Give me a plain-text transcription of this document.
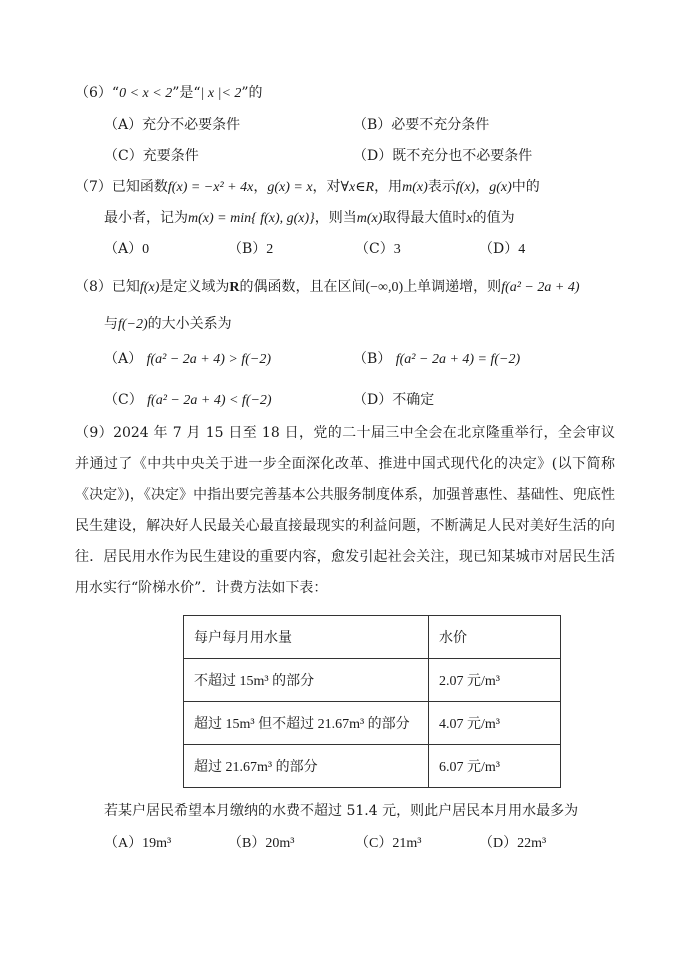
（6）“0 < x < 2”是“| x |< 2”的
（A）充分不必要条件	（B）必要不充分条件
（C）充要条件	（D）既不充分也不必要条件
（7）已知函数f(x) = −x² + 4x，g(x) = x，对∀x∈R，用m(x)表示f(x)，g(x)中的
最小者，记为m(x) = min{ f(x), g(x)}，则当m(x)取得最大值时x的值为
（A）0	（B）2	（C）3	（D）4
（8）已知f(x)是定义域为R的偶函数，且在区间(−∞,0)上单调递增，则f(a² − 2a + 4)
与f(−2)的大小关系为
（A） f(a² − 2a + 4) > f(−2)	（B） f(a² − 2a + 4) = f(−2)
（C） f(a² − 2a + 4) < f(−2)	（D）不确定
（9）2024 年 7 月 15 日至 18 日，党的二十届三中全会在北京隆重举行，全会审议并通过了《中共中央关于进一步全面深化改革、推进中国式现代化的决定》(以下简称《决定》)，《决定》中指出要完善基本公共服务制度体系，加强普惠性、基础性、兜底性民生建设，解决好人民最关心最直接最现实的利益问题，不断满足人民对美好生活的向往．居民用水作为民生建设的重要内容，愈发引起社会关注，现已知某城市对居民生活用水实行“阶梯水价”．计费方法如下表：
每户每月用水量	水价
不超过 15m³ 的部分	2.07 元/m³
超过 15m³ 但不超过 21.67m³ 的部分	4.07 元/m³
超过 21.67m³ 的部分	6.07 元/m³
若某户居民希望本月缴纳的水费不超过 51.4 元，则此户居民本月用水最多为
（A）19m³	（B）20m³	（C）21m³	（D）22m³
